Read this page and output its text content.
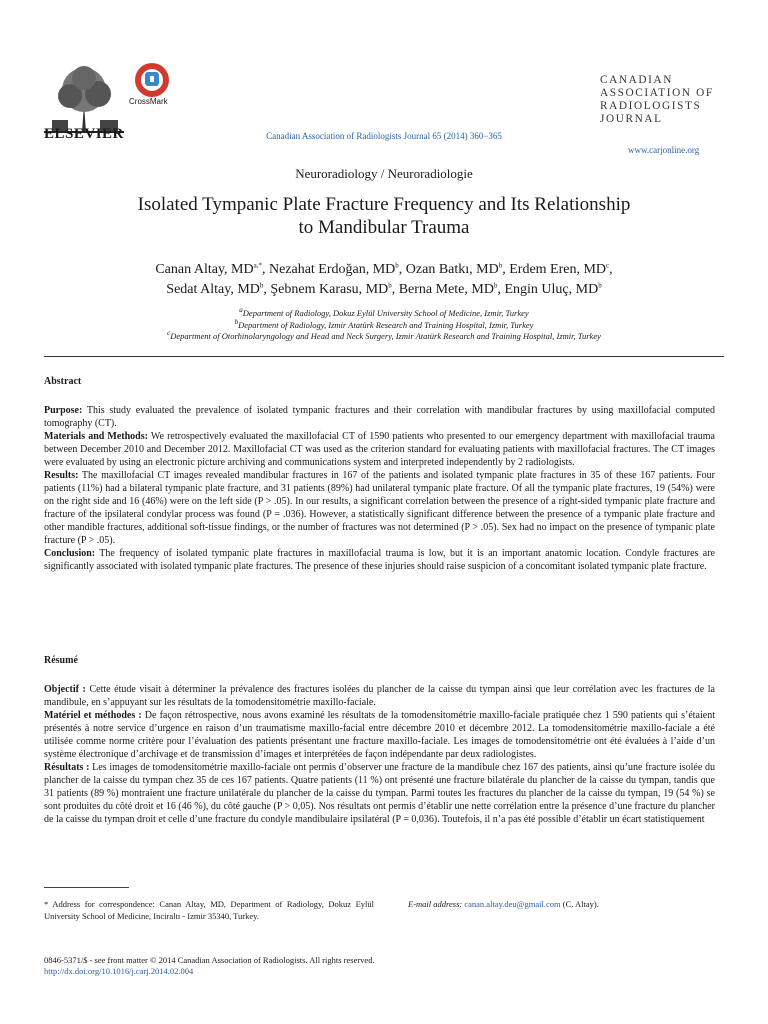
ELSEVIER
CrossMark
Canadian Association of Radiologists Journal 65 (2014) 360−365
CANADIAN
ASSOCIATION OF
RADIOLOGISTS
JOURNAL
www.carjonline.org
Neuroradiology / Neuroradiologie
Isolated Tympanic Plate Fracture Frequency and Its Relationship
to Mandibular Trauma
Canan Altay, $MD^{a,*}$, Nezahat Erdoğan, $MD^b$, Ozan Batkı, $MD^b$, Erdem Eren, $MD^c$,
Sedat Altay, $MD^b$, Şebnem Karasu, $MD^b$, Berna Mete, $MD^b$, Engin Uluç, $MD^b$
$^a$Department of Radiology, Dokuz Eylül University School of Medicine, Izmir, Turkey
$^b$Department of Radiology, Izmir Atatürk Research and Training Hospital, Izmir, Turkey
$^c$Department of Otorhinolaryngology and Head and Neck Surgery, Izmir Atatürk Research and Training Hospital, Izmir, Turkey
Abstract

Purpose: This study evaluated the prevalence of isolated tympanic fractures and their correlation with mandibular fractures by using maxillofacial computed tomography (CT).

Materials and Methods: We retrospectively evaluated the maxillofacial CT of 1590 patients who presented to our emergency department with maxillofacial trauma between December 2010 and December 2012. Maxillofacial CT was used as the criterion standard for evaluating patients with maxillofacial fractures. The CT images were evaluated by using an electronic picture archiving and communications system and interpreted independently by 2 radiologists.

Results: The maxillofacial CT images revealed mandibular fractures in 167 of the patients and isolated tympanic plate fractures in 35 of these 167 patients. Four patients (11%) had a bilateral tympanic plate fracture, and 31 patients (89%) had unilateral tympanic plate fracture. Of all the tympanic plate fractures, 19 (54%) were on the right side and 16 (46%) were on the left side (P > .05). In our results, a significant correlation between the presence of a right-sided tympanic plate fracture and fracture of the ipsilateral condylar process was found (P = .036). However, a statistically significant difference between the presence of a tympanic plate fracture and other mandible fractures, additional soft-tissue findings, or the number of fractures was not determined (P > .05). Sex had no impact on the presence of tympanic plate fracture (P > .05).

Conclusion: The frequency of isolated tympanic plate fractures in maxillofacial trauma is low, but it is an important anatomic location. Condyle fractures are significantly associated with isolated tympanic plate fractures. The presence of these injuries should raise suspicion of a concomitant isolated tympanic plate fracture.

Résumé

Objectif : Cette étude visait à déterminer la prévalence des fractures isolées du plancher de la caisse du tympan ainsi que leur corrélation avec les fractures de la mandibule, en s’appuyant sur les résultats de la tomodensitométrie maxillo-faciale.

Matériel et méthodes : De façon rétrospective, nous avons examiné les résultats de la tomodensitométrie maxillo-faciale pratiquée chez 1 590 patients qui s’étaient présentés à notre service d’urgence en raison d’un traumatisme maxillo-facial entre décembre 2010 et décembre 2012. La tomodensitométrie maxillo-faciale a été utilisée comme norme critère pour l’évaluation des patients présentant une fracture maxillo-faciale. Les images de tomodensitométrie ont été évaluées à l’aide d’un système électronique d’archivage et de transmission d’images et interprétées de façon indépendante par deux radiologistes.

Résultats : Les images de tomodensitométrie maxillo-faciale ont permis d’observer une fracture de la mandibule chez 167 des patients, ainsi qu’une fracture isolée du plancher de la caisse du tympan chez 35 de ces 167 patients. Quatre patients (11 %) ont présenté une fracture bilatérale du plancher de la caisse du tympan, tandis que 31 patients (89 %) montraient une fracture unilatérale du plancher de la caisse du tympan. Parmi toutes les fractures du plancher de la caisse du tympan, 19 (54 %) se sont produites du côté droit et 16 (46 %), du côté gauche (P > 0,05). Nos résultats ont permis d’établir une nette corrélation entre la présence d’une fracture du plancher de la caisse du tympan droit et celle d’une fracture du condyle mandibulaire ipsilatéral (P = 0,036). Toutefois, il n’a pas été possible d’établir un écart statistiquement

* Address for correspondence: Canan Altay, MD, Department of Radiology, Dokuz Eylül University School of Medicine, Inciraltı - Izmir 35340, Turkey.
E-mail address: canan.altay.deu@gmail.com (C. Altay).
0846-5371/$ - see front matter © 2014 Canadian Association of Radiologists. All rights reserved.
http://dx.doi.org/10.1016/j.carj.2014.02.004
